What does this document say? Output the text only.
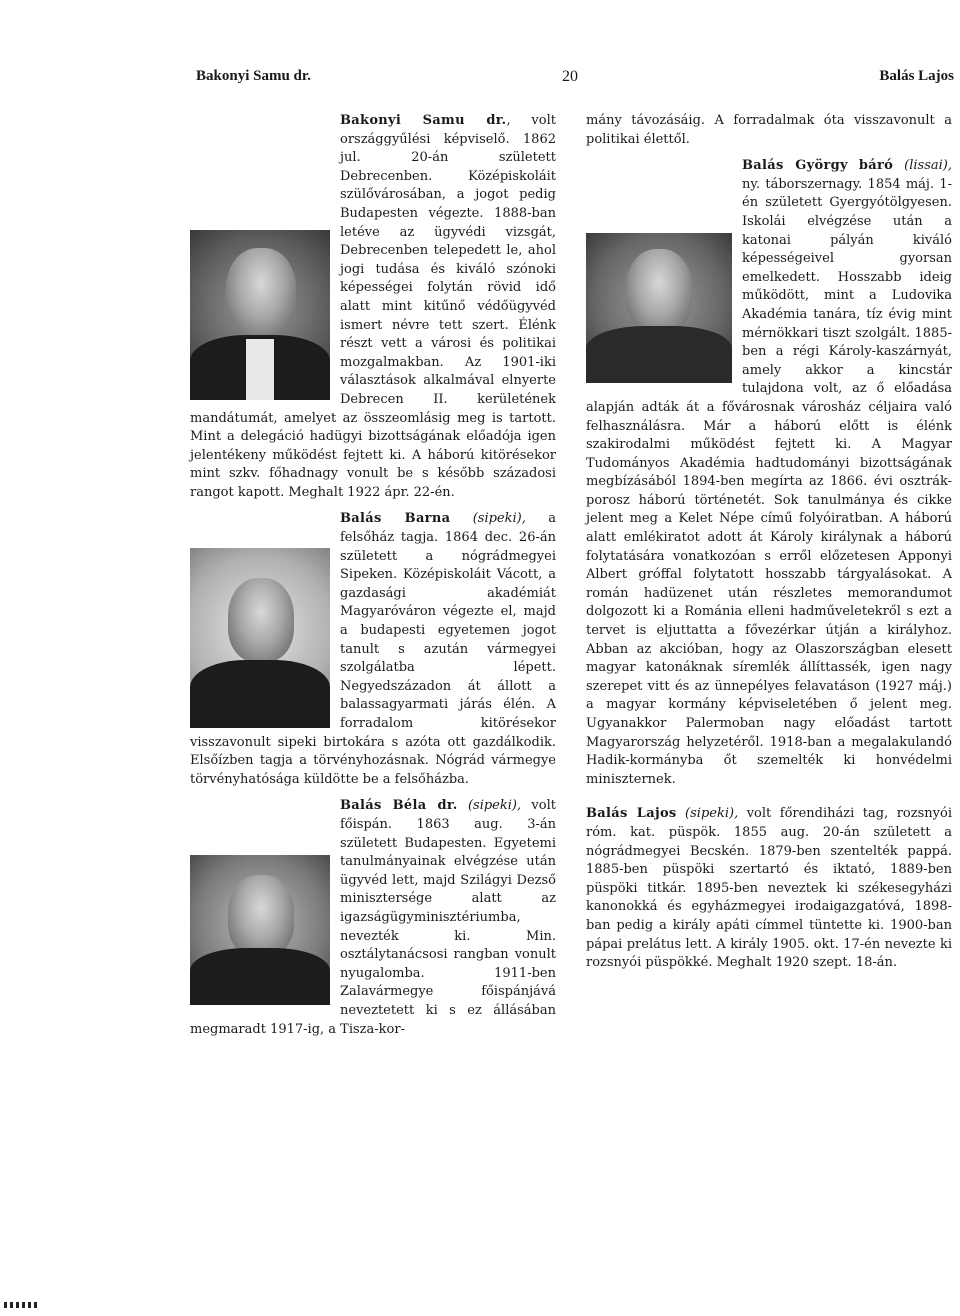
Bakonyi Samu dr.	20	Balás Lajos

Bakonyi Samu dr., volt országgyűlési képviselő. 1862 jul. 20-án született Debrecenben. Középiskoláit szülővárosában, a jogot pedig Budapesten végezte. 1888-ban letéve az ügyvédi vizsgát, Debrecenben telepedett le, ahol jogi tudása és kiváló szónoki képességei folytán rövid idő alatt mint kitűnő védőügyvéd ismert névre tett szert. Élénk részt vett a városi és politikai mozgalmakban. Az 1901-iki választások alkalmával elnyerte Debrecen II. kerületének mandátumát, amelyet az összeomlásig meg is tartott. Mint a delegáció hadügyi bizottságának előadója igen jelentékeny működést fejtett ki. A háború kitörésekor mint szkv. főhadnagy vonult be s később századosi rangot kapott. Meghalt 1922 ápr. 22-én.

Balás Barna (sipeki), a felsőház tagja. 1864 dec. 26-án született a nógrádmegyei Sipeken. Középiskoláit Vácott, a gazdasági akadémiát Magyaróváron végezte el, majd a budapesti egyetemen jogot tanult s azután vármegyei szolgálatba lépett. Negyedszázadon át állott a balassagyarmati járás élén. A forradalom kitörésekor visszavonult sipeki birtokára s azóta ott gazdálkodik. Elsőízben tagja a törvényhozásnak. Nógrád vármegye törvényhatósága küldötte be a felsőházba.

Balás Béla dr. (sipeki), volt főispán. 1863 aug. 3-án született Budapesten. Egyetemi tanulmányainak elvégzése után ügyvéd lett, majd Szilágyi Dezső minisztersége alatt az igazságügyminisztériumba, nevezték ki. Min. osztálytanácsosi rangban vonult nyugalomba. 1911-ben Zalavármegye főispánjává neveztetett ki s ez állásában megmaradt 1917-ig, a Tisza-kor-

mány távozásáig. A forradalmak óta visszavonult a politikai élettől.

Balás György báró (lissai), ny. táborszernagy. 1854 máj. 1-én született Gyergyótölgyesen. Iskolái elvégzése után a katonai pályán kiváló képességeivel gyorsan emelkedett. Hosszabb ideig működött, mint a Ludovika Akadémia tanára, tíz évig mint mérnökkari tiszt szolgált. 1885-ben a régi Károly-kaszárnyát, amely akkor a kincstár tulajdona volt, az ő előadása alapján adták át a fővárosnak városház céljaira való felhasználásra. Már a háború előtt is élénk szakirodalmi működést fejtett ki. A Magyar Tudományos Akadémia hadtudományi bizottságának megbízásából 1894-ben megírta az 1866. évi osztrák-porosz háború történetét. Sok tanulmánya és cikke jelent meg a Kelet Népe című folyóiratban. A háború alatt emlékiratot adott át Károly királynak a háború folytatására vonatkozóan s erről előzetesen Apponyi Albert gróffal folytatott hosszabb tárgyalásokat. A román hadüzenet után részletes memorandumot dolgozott ki a Románia elleni hadműveletekről s ezt a tervet is eljuttatta a fővezérkar útján a királyhoz. Abban az akcióban, hogy az Olaszországban elesett magyar katonáknak síremlék állíttassék, igen nagy szerepet vitt és az ünnepélyes felavatáson (1927 máj.) a magyar kormány képviseletében ő jelent meg. Ugyanakkor Palermoban nagy előadást tartott Magyarország helyzetéről. 1918-ban a megalakulandó Hadik-kormányba őt szemelték ki honvédelmi miniszternek.

Balás Lajos (sipeki), volt főrendiházi tag, rozsnyói róm. kat. püspök. 1855 aug. 20-án született a nógrádmegyei Becskén. 1879-ben szentelték pappá. 1885-ben püspöki szertartó és iktató, 1889-ben püspöki titkár. 1895-ben neveztek ki székesegyházi kanonokká és egyházmegyei irodaigazgatóvá, 1898-ban pedig a király apáti címmel tüntette ki. 1900-ban pápai prelátus lett. A király 1905. okt. 17-én nevezte ki rozsnyói püspökké. Meghalt 1920 szept. 18-án.
